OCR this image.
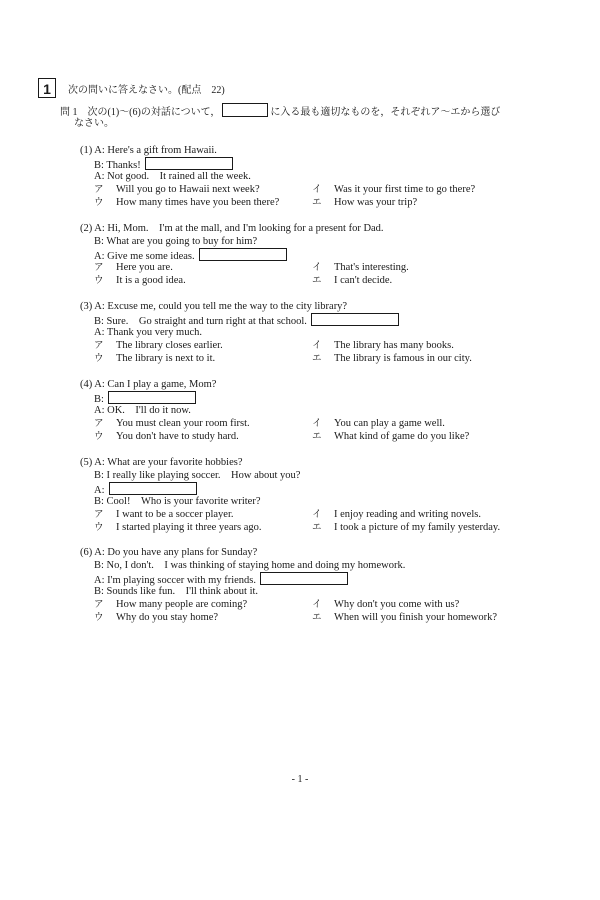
1	次の問いに答えなさい。(配点　22)
問 1　次の(1)～(6)の対話について，	に入る最も適切なものを，それぞれア～エから選び
なさい。
(1) A: Here's a gift from Hawaii.
B: Thanks!
A: Not good.　It rained all the week.
ア Will you go to Hawaii next week?	イ Was it your first time to go there?
ウ How many times have you been there?	エ How was your trip?
(2) A: Hi, Mom.　I'm at the mall, and I'm looking for a present for Dad.
B: What are you going to buy for him?
A: Give me some ideas.
ア Here you are.	イ That's interesting.
ウ It is a good idea.	エ I can't decide.
(3) A: Excuse me, could you tell me the way to the city library?
B: Sure.　Go straight and turn right at that school.
A: Thank you very much.
ア The library closes earlier.	イ The library has many books.
ウ The library is next to it.	エ The library is famous in our city.
(4) A: Can I play a game, Mom?
B:
A: OK.　I'll do it now.
ア You must clean your room first.	イ You can play a game well.
ウ You don't have to study hard.	エ What kind of game do you like?
(5) A: What are your favorite hobbies?
B: I really like playing soccer.　How about you?
A:
B: Cool!　Who is your favorite writer?
ア I want to be a soccer player.	イ I enjoy reading and writing novels.
ウ I started playing it three years ago.	エ I took a picture of my family yesterday.
(6) A: Do you have any plans for Sunday?
B: No, I don't.　I was thinking of staying home and doing my homework.
A: I'm playing soccer with my friends.
B: Sounds like fun.　I'll think about it.
ア How many people are coming?	イ Why don't you come with us?
ウ Why do you stay home?	エ When will you finish your homework?
- 1 -
